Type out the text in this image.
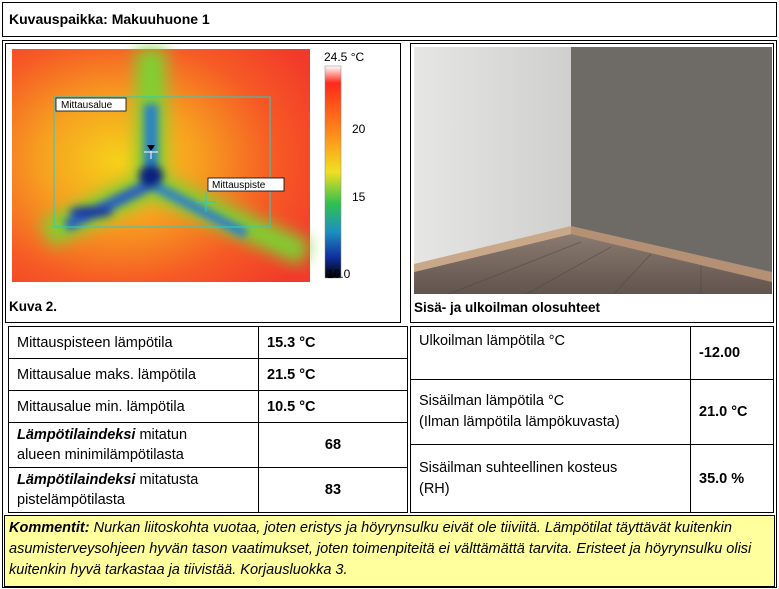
Kuvauspaikka: Makuuhuone 1
Mittausalue
Mittauspiste
24.5 °C
20
15
10.0
Kuva 2.	Sisä- ja ulkoilman olosuhteet
Mittauspisteen lämpötila	15.3 °C
Mittausalue maks. lämpötila	21.5 °C
Mittausalue min. lämpötila	10.5 °C
Lämpötilaindeksi mitatun
alueen minimilämpötilasta	68
Lämpötilaindeksi mitatusta
pistelämpötilasta	83
Ulkoilman lämpötila °C	-12.00
Sisäilman lämpötila °C
(Ilman lämpötila lämpökuvasta)	21.0 °C
Sisäilman suhteellinen kosteus
(RH)	35.0 %
Kommentit: Nurkan liitoskohta vuotaa, joten eristys ja höyrynsulku eivät ole tiiviitä. Lämpötilat täyttävät kuitenkin asumisterveysohjeen hyvän tason vaatimukset, joten toimenpiteitä ei välttämättä tarvita. Eristeet ja höyrynsulku olisi kuitenkin hyvä tarkastaa ja tiivistää. Korjausluokka 3.
